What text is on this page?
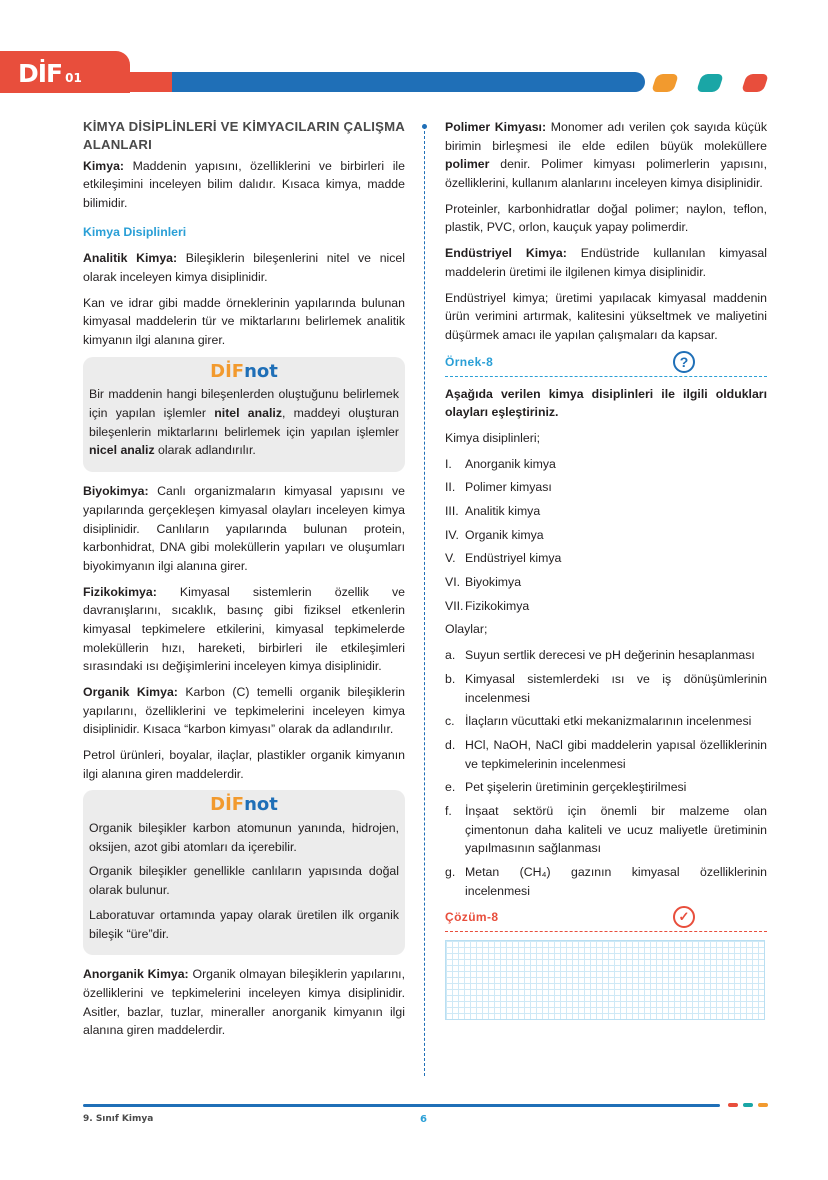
DİF 01
KİMYA DİSİPLİNLERİ VE KİMYACILARIN ÇALIŞMA ALANLARI

Kimya: Maddenin yapısını, özelliklerini ve birbirleri ile etkileşimini inceleyen bilim dalıdır. Kısaca kimya, madde bilimidir.

Kimya Disiplinleri

Analitik Kimya: Bileşiklerin bileşenlerini nitel ve nicel olarak inceleyen kimya disiplinidir.

Kan ve idrar gibi madde örneklerinin yapılarında bulunan kimyasal maddelerin tür ve miktarlarını belirlemek analitik kimyanın ilgi alanına girer.

DİFnot

Bir maddenin hangi bileşenlerden oluştuğunu belirlemek için yapılan işlemler nitel analiz, maddeyi oluşturan bileşenlerin miktarlarını belirlemek için yapılan işlemler nicel analiz olarak adlandırılır.

Biyokimya: Canlı organizmaların kimyasal yapısını ve yapılarında gerçekleşen kimyasal olayları inceleyen kimya disiplinidir. Canlıların yapılarında bulunan protein, karbonhidrat, DNA gibi moleküllerin yapıları ve oluşumları biyokimyanın ilgi alanına girer.

Fizikokimya: Kimyasal sistemlerin özellik ve davranışlarını, sıcaklık, basınç gibi fiziksel etkenlerin kimyasal tepkimelere etkilerini, kimyasal tepkimelerde moleküllerin hızı, hareketi, birbirleri ile etkileşimleri sırasındaki ısı değişimlerini inceleyen kimya disiplinidir.

Organik Kimya: Karbon (C) temelli organik bileşiklerin yapılarını, özelliklerini ve tepkimelerini inceleyen kimya disiplinidir. Kısaca “karbon kimyası” olarak da adlandırılır.

Petrol ürünleri, boyalar, ilaçlar, plastikler organik kimyanın ilgi alanına giren maddelerdir.

DİFnot

Organik bileşikler karbon atomunun yanında, hidrojen, oksijen, azot gibi atomları da içerebilir.

Organik bileşikler genellikle canlıların yapısında doğal olarak bulunur.

Laboratuvar ortamında yapay olarak üretilen ilk organik bileşik “üre”dir.

Anorganik Kimya: Organik olmayan bileşiklerin yapılarını, özelliklerini ve tepkimelerini inceleyen kimya disiplinidir. Asitler, bazlar, tuzlar, mineraller anorganik kimyanın ilgi alanına giren maddelerdir.

Polimer Kimyası: Monomer adı verilen çok sayıda küçük birimin birleşmesi ile elde edilen büyük moleküllere polimer denir. Polimer kimyası polimerlerin yapısını, özelliklerini, kullanım alanlarını inceleyen kimya disiplinidir.

Proteinler, karbonhidratlar doğal polimer; naylon, teflon, plastik, PVC, orlon, kauçuk yapay polimerdir.

Endüstriyel Kimya: Endüstride kullanılan kimyasal maddelerin üretimi ile ilgilenen kimya disiplinidir.

Endüstriyel kimya; üretimi yapılacak kimyasal maddenin ürün verimini artırmak, kalitesini yükseltmek ve maliyetini düşürmek amacı ile yapılan çalışmaları da kapsar.

Örnek-8	?

Aşağıda verilen kimya disiplinleri ile ilgili oldukları olayları eşleştiriniz.

Kimya disiplinleri;

I.	Anorganik kimya
II. Polimer kimyası
III. Analitik kimya
IV. Organik kimya
V. Endüstriyel kimya
VI. Biyokimya
VII. Fizikokimya

Olaylar;

a. Suyun sertlik derecesi ve pH değerinin hesaplanması
b. Kimyasal sistemlerdeki ısı ve iş dönüşümlerinin incelenmesi
c. İlaçların vücuttaki etki mekanizmalarının incelenmesi
d. HCl, NaOH, NaCl gibi maddelerin yapısal özelliklerinin ve tepkimelerinin incelenmesi
e. Pet şişelerin üretiminin gerçekleştirilmesi
f.	İnşaat sektörü için önemli bir malzeme olan çimentonun daha kaliteli ve ucuz maliyetle üretiminin yapılmasının sağlanması
g. Metan (CH₄) gazının kimyasal özelliklerinin incelenmesi
Çözüm-8	✓
9. Sınıf Kimya	6
